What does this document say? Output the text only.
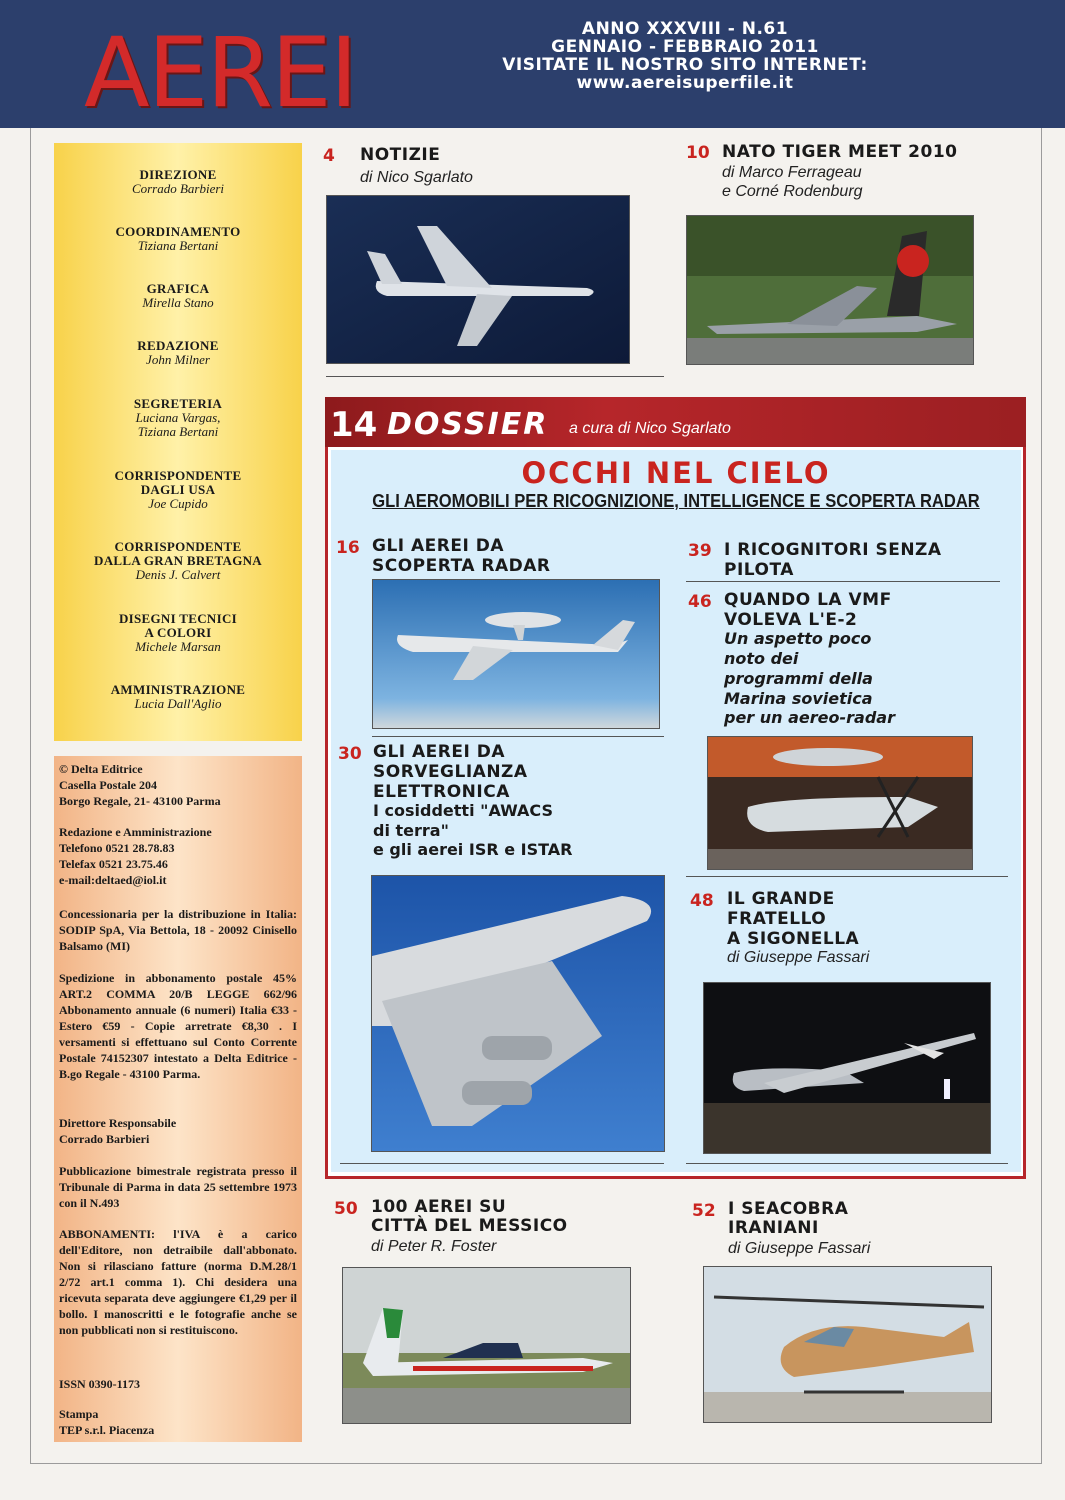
AEREI	ANNO XXXVIII - N.61
GENNAIO - FEBBRAIO 2011
VISITATE IL NOSTRO SITO INTERNET:
www.aereisuperfile.it
DIREZIONE
Corrado Barbieri
COORDINAMENTO
Tiziana Bertani
GRAFICA
Mirella Stano
REDAZIONE
John Milner
SEGRETERIA
Luciana Vargas,
Tiziana Bertani
CORRISPONDENTE
DAGLI USA
Joe Cupido
CORRISPONDENTE
DALLA GRAN BRETAGNA
Denis J. Calvert
DISEGNI TECNICI
A COLORI
Michele Marsan
AMMINISTRAZIONE
Lucia Dall'Aglio

© Delta Editrice

Casella Postale 204

Borgo Regale, 21- 43100 Parma

Redazione e Amministrazione

Telefono 0521 28.78.83

Telefax 0521 23.75.46

e-mail:deltaed@iol.it

Concessionaria per la distribuzione in Italia: SODIP SpA, Via Bettola, 18 - 20092 Cinisello Balsamo (MI)

Spedizione in abbonamento postale 45% ART.2 COMMA 20/B LEGGE 662/96 Abbonamento annuale (6 numeri) Italia €33 - Estero €59 - Copie arretrate €8,30 . I versamenti si effettuano sul Conto Corrente Postale 74152307 intestato a Delta Editrice - B.go Regale - 43100 Parma.

Direttore Responsabile

Corrado Barbieri

Pubblicazione bimestrale registrata presso il Tribunale di Parma in data 25 settembre 1973 con il N.493

ABBONAMENTI: l'IVA è a carico dell'Editore, non detraibile dall'abbonato. Non si rilasciano fatture (norma D.M.28/1 2/72 art.1 comma 1). Chi desidera una ricevuta separata deve aggiungere €1,29 per il bollo. I manoscritti e le fotografie anche se non pubblicati non si restituiscono.

ISSN 0390-1173

Stampa

TEP s.r.l. Piacenza

4 NOTIZIE
di Nico Sgarlato
10 NATO TIGER MEET 2010
di Marco Ferrageau
e Corné Rodenburg
14 DOSSIER a cura di Nico Sgarlato
OCCHI NEL CIELO
GLI AEROMOBILI PER RICOGNIZIONE, INTELLIGENCE E SCOPERTA RADAR
16 GLI AEREI DA
SCOPERTA RADAR
30 GLI AEREI DA
SORVEGLIANZA
ELETTRONICA
I cosiddetti "AWACS
di terra"
e gli aerei ISR e ISTAR
39 I RICOGNITORI SENZA
PILOTA
46 QUANDO LA VMF
VOLEVA L'E-2
Un aspetto poco
noto dei
programmi della
Marina sovietica
per un aereo-radar
48 IL GRANDE
FRATELLO
A SIGONELLA
di Giuseppe Fassari
50 100 AEREI SU
CITTÀ DEL MESSICO
di Peter R. Foster
52 I SEACOBRA
IRANIANI
di Giuseppe Fassari
